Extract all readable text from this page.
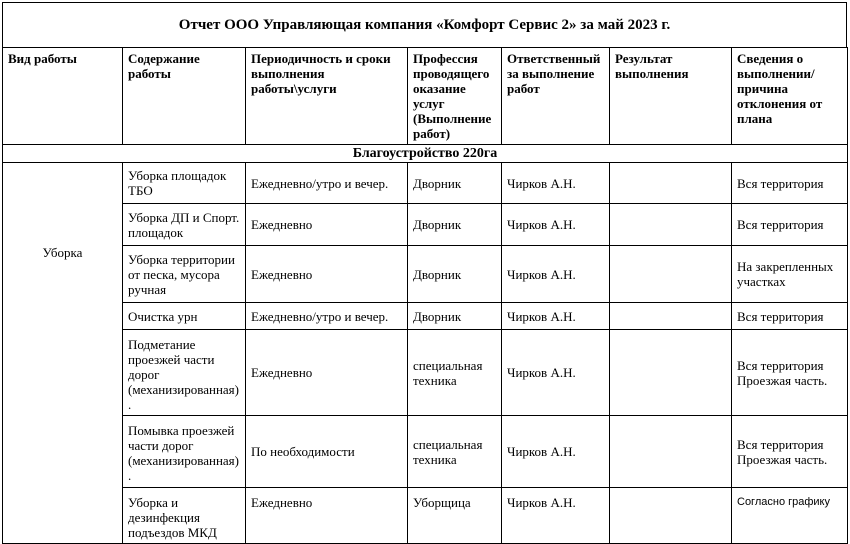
Отчет ООО Управляющая компания «Комфорт Сервис 2» за май 2023 г.
Вид работы	Содержание работы	Периодичность и сроки выполнения работы\услуги	Профессия проводящего оказание услуг (Выполнение работ)	Ответственный за выполнение работ	Результат выполнения	Сведения о выполнении/ причина отклонения от плана
Благоустройство 220га						
Уборка	Уборка площадок ТБО	Ежедневно/утро и вечер.	Дворник	Чирков А.Н.		Вся территория
	Уборка ДП и Спорт. площадок	Ежедневно	Дворник	Чирков А.Н.		Вся территория
	Уборка территории от песка, мусора ручная	Ежедневно	Дворник	Чирков А.Н.		На закрепленных участках
	Очистка урн	Ежедневно/утро и вечер.	Дворник	Чирков А.Н.		Вся территория
	Подметание проезжей части дорог (механизированная) .	Ежедневно	специальная техника	Чирков А.Н.		Вся территория Проезжая часть.
	Помывка проезжей части дорог (механизированная) .	По необходимости	специальная техника	Чирков А.Н.		Вся территория Проезжая часть.
	Уборка и дезинфекция подъездов МКД	Ежедневно	Уборщица	Чирков А.Н.		Согласно графику
